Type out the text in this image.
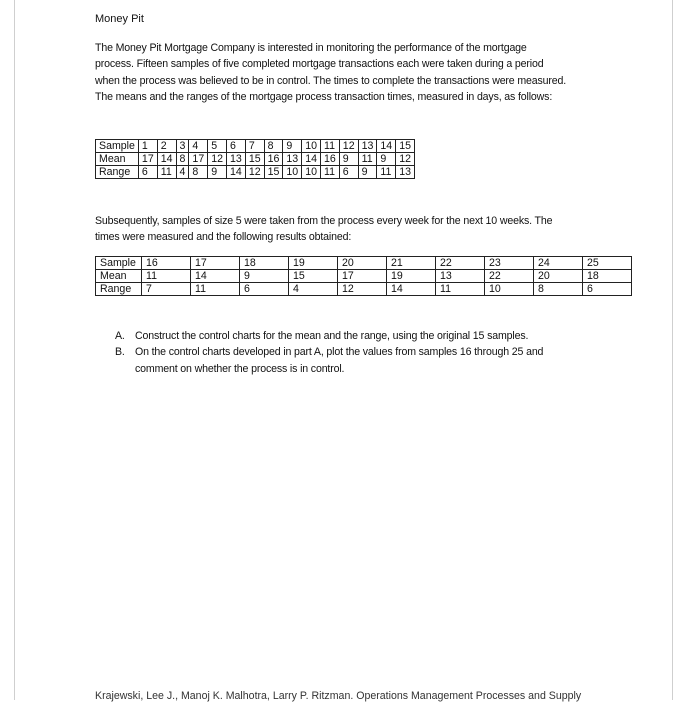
Money Pit
The Money Pit Mortgage Company is interested in monitoring the performance of the mortgage
process. Fifteen samples of five completed mortgage transactions each were taken during a period
when the process was believed to be in control. The times to complete the transactions were measured.
The means and the ranges of the mortgage process transaction times, measured in days, as follows:
Sample	1	2	3	4	5	6	7	8	9	10	11	12	13	14	15
Mean	17	14	8	17	12	13	15	16	13	14	16	9	11	9	12
Range	6	11	4	8	9	14	12	15	10	10	11	6	9	11	13
Subsequently, samples of size 5 were taken from the process every week for the next 10 weeks. The
times were measured and the following results obtained:
Sample	16	17	18	19	20	21	22	23	24	25
Mean	11	14	9	15	17	19	13	22	20	18
Range	7	11	6	4	12	14	11	10	8	6
A. Construct the control charts for the mean and the range, using the original 15 samples.
B. On the control charts developed in part A, plot the values from samples 16 through 25 and
comment on whether the process is in control.
Krajewski, Lee J., Manoj K. Malhotra, Larry P. Ritzman. Operations Management Processes and Supply
